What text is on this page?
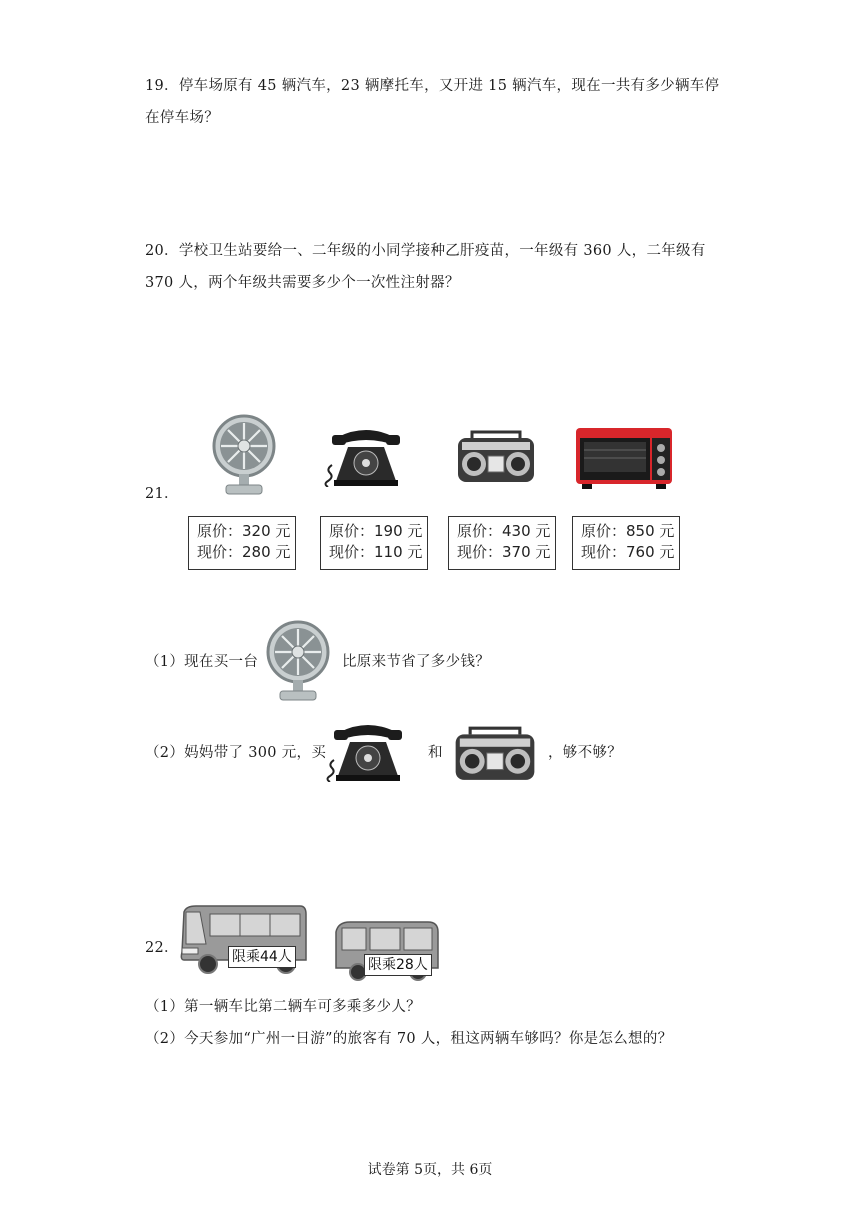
19．停车场原有 45 辆汽车，23 辆摩托车，又开进 15 辆汽车，现在一共有多少辆车停
在停车场？
20．学校卫生站要给一、二年级的小同学接种乙肝疫苗，一年级有 360 人，二年级有
370 人，两个年级共需要多少个一次性注射器？
21．
原价：320 元
现价：280 元
原价：190 元
现价：110 元
原价：430 元
现价：370 元
原价：850 元
现价：760 元
（1）现在买一台	比原来节省了多少钱？
（2）妈妈带了 300 元，买	和	，够不够？
22．
限乘44人	限乘28人
（1）第一辆车比第二辆车可多乘多少人？
（2）今天参加“广州一日游”的旅客有 70 人，租这两辆车够吗？你是怎么想的？
试卷第 5页，共 6页
